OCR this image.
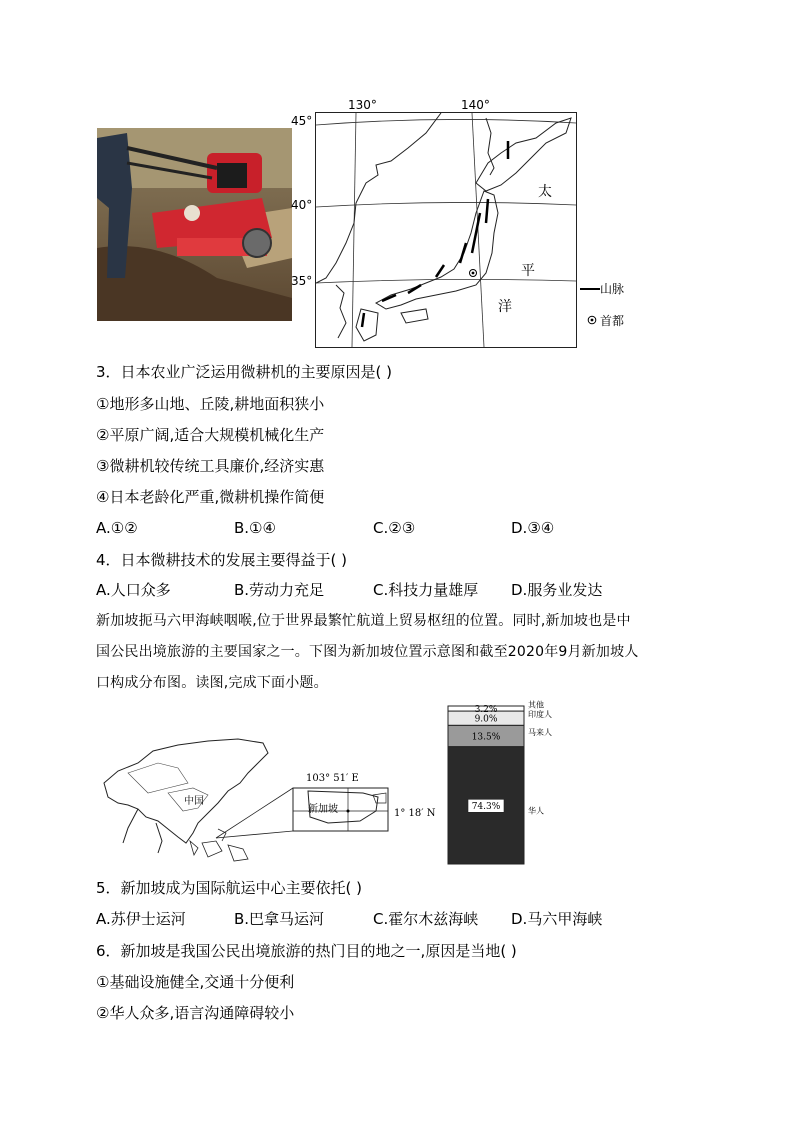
130°	140°
45°
40°
35°
太
平
洋
山脉
首都
3．日本农业广泛运用微耕机的主要原因是( )
①地形多山地、丘陵,耕地面积狭小
②平原广阔,适合大规模机械化生产
③微耕机较传统工具廉价,经济实惠
④日本老龄化严重,微耕机操作简便
A.①②	B.①④	C.②③	D.③④
4．日本微耕技术的发展主要得益于( )
A.人口众多	B.劳动力充足	C.科技力量雄厚 D.服务业发达
新加坡扼马六甲海峡咽喉,位于世界最繁忙航道上贸易枢纽的位置。同时,新加坡也是中
国公民出境旅游的主要国家之一。下图为新加坡位置示意图和截至2020年9月新加坡人
口构成分布图。读图,完成下面小题。
中国
新加坡
103° 51′ E
1° 18′ N
74.3%	华人
13.5%	马来人
9.0%	印度人
3.2%	其他
5．新加坡成为国际航运中心主要依托( )
A.苏伊士运河	B.巴拿马运河	C.霍尔木兹海峡 D.马六甲海峡
6．新加坡是我国公民出境旅游的热门目的地之一,原因是当地( )
①基础设施健全,交通十分便利
②华人众多,语言沟通障碍较小
